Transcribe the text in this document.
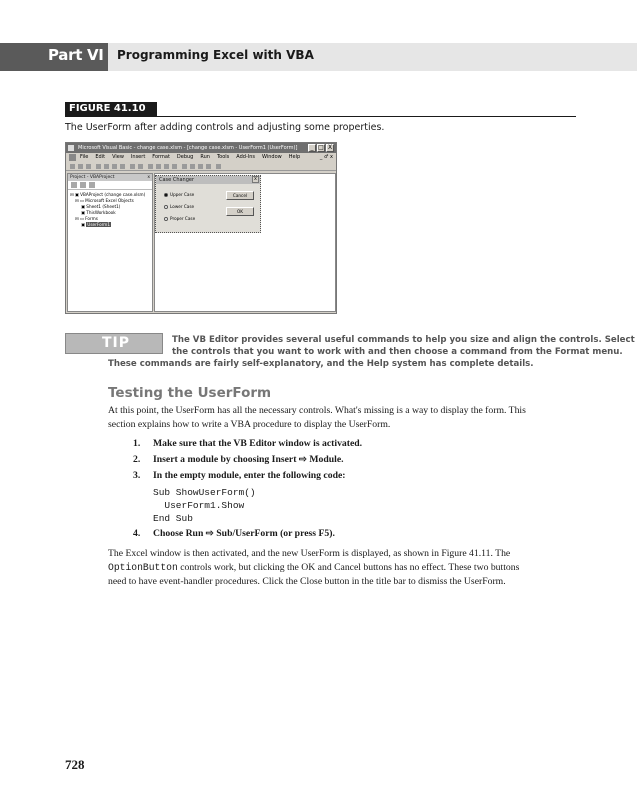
Part VI Programming Excel with VBA
FIGURE 41.10
The UserForm after adding controls and adjusting some properties.
Microsoft Visual Basic - change case.xlsm - [change case.xlsm - UserForm1 (UserForm)]	_ □ X
File Edit View Insert Format Debug Run Tools Add-Ins Window Help	_ ♂ x
Project - VBAProject	x
⊟ ▣ VBAProject (change case.xlsm)
⊟ ▭ Microsoft Excel Objects
▣ Sheet1 (Sheet1)
▣ ThisWorkbook
⊟ ▭ Forms
▣ UserForm1
Case Changer	x
Upper Case
Lower Case
Proper Case
Cancel
OK
TIP	The VB Editor provides several useful commands to help you size and align the controls. Select
the controls that you want to work with and then choose a command from the Format menu.
These commands are fairly self-explanatory, and the Help system has complete details.
Testing the UserForm
At this point, the UserForm has all the necessary controls. What's missing is a way to display the form. This
section explains how to write a VBA procedure to display the UserForm.
1. Make sure that the VB Editor window is activated.
2. Insert a module by choosing Insert ⇨ Module.
3. In the empty module, enter the following code:
Sub ShowUserForm()
UserForm1.Show
End Sub
4. Choose Run ⇨ Sub/UserForm (or press F5).
The Excel window is then activated, and the new UserForm is displayed, as shown in Figure 41.11. The
OptionButton controls work, but clicking the OK and Cancel buttons has no effect. These two buttons
need to have event-handler procedures. Click the Close button in the title bar to dismiss the UserForm.
728
